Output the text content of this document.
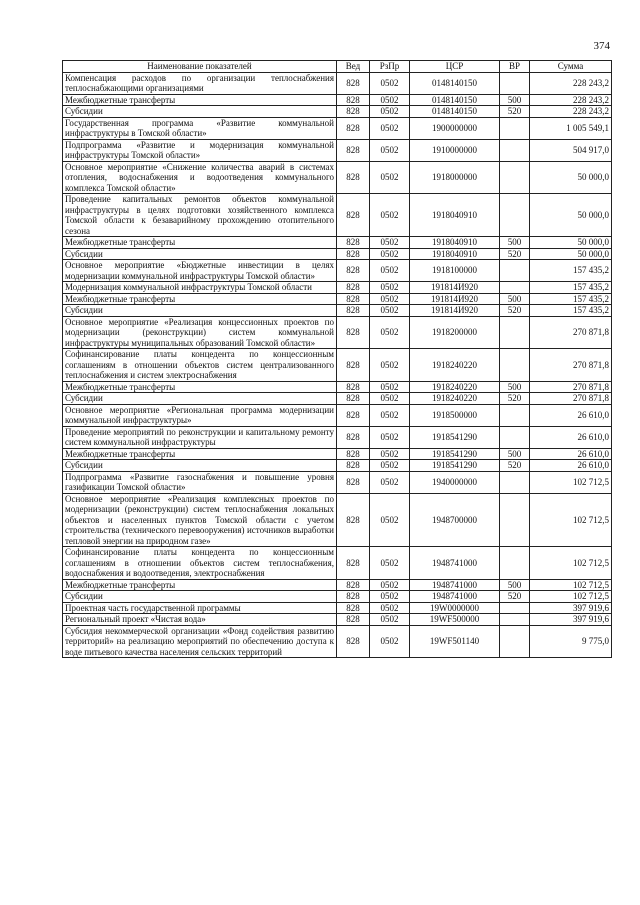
374
Наименование показателей	Вед	РзПр	ЦСР	ВР	Сумма
Компенсация расходов по организации теплоснабжения теплоснабжающими организациями	828	0502	0148140150		228 243,2
Межбюджетные трансферты	828	0502	0148140150	500	228 243,2
Субсидии	828	0502	0148140150	520	228 243,2
Государственная программа «Развитие коммунальной инфраструктуры в Томской области»	828	0502	1900000000		1 005 549,1
Подпрограмма «Развитие и модернизация коммунальной инфраструктуры Томской области»	828	0502	1910000000		504 917,0
Основное мероприятие «Снижение количества аварий в системах отопления, водоснабжения и водоотведения коммунального комплекса Томской области»	828	0502	1918000000		50 000,0
Проведение капитальных ремонтов объектов коммунальной инфраструктуры в целях подготовки хозяйственного комплекса Томской области к безаварийному прохождению отопительного сезона	828	0502	1918040910		50 000,0
Межбюджетные трансферты	828	0502	1918040910	500	50 000,0
Субсидии	828	0502	1918040910	520	50 000,0
Основное мероприятие «Бюджетные инвестиции в целях модернизации коммунальной инфраструктуры Томской области»	828	0502	1918100000		157 435,2
Модернизация коммунальной инфраструктуры Томской области	828	0502	191814И920		157 435,2
Межбюджетные трансферты	828	0502	191814И920	500	157 435,2
Субсидии	828	0502	191814И920	520	157 435,2
Основное мероприятие «Реализация концессионных проектов по модернизации (реконструкции) систем коммунальной инфраструктуры муниципальных образований Томской области»	828	0502	1918200000		270 871,8
Софинансирование платы концедента по концессионным соглашениям в отношении объектов систем централизованного теплоснабжения и систем электроснабжения	828	0502	1918240220		270 871,8
Межбюджетные трансферты	828	0502	1918240220	500	270 871,8
Субсидии	828	0502	1918240220	520	270 871,8
Основное мероприятие «Региональная программа модернизации коммунальной инфраструктуры»	828	0502	1918500000		26 610,0
Проведение мероприятий по реконструкции и капитальному ремонту систем коммунальной инфраструктуры	828	0502	1918541290		26 610,0
Межбюджетные трансферты	828	0502	1918541290	500	26 610,0
Субсидии	828	0502	1918541290	520	26 610,0
Подпрограмма «Развитие газоснабжения и повышение уровня газификации Томской области»	828	0502	1940000000		102 712,5
Основное мероприятие «Реализация комплексных проектов по модернизации (реконструкции) систем теплоснабжения локальных объектов и населенных пунктов Томской области с учетом строительства (технического перевооружения) источников выработки тепловой энергии на природном газе»	828	0502	1948700000		102 712,5
Софинансирование платы концедента по концессионным соглашениям в отношении объектов систем теплоснабжения, водоснабжения и водоотведения, электроснабжения	828	0502	1948741000		102 712,5
Межбюджетные трансферты	828	0502	1948741000	500	102 712,5
Субсидии	828	0502	1948741000	520	102 712,5
Проектная часть государственной программы	828	0502	19W0000000		397 919,6
Региональный проект «Чистая вода»	828	0502	19WF500000		397 919,6
Субсидия некоммерческой организации «Фонд содействия развитию территорий» на реализацию мероприятий по обеспечению доступа к воде питьевого качества населения сельских территорий	828	0502	19WF501140		9 775,0
